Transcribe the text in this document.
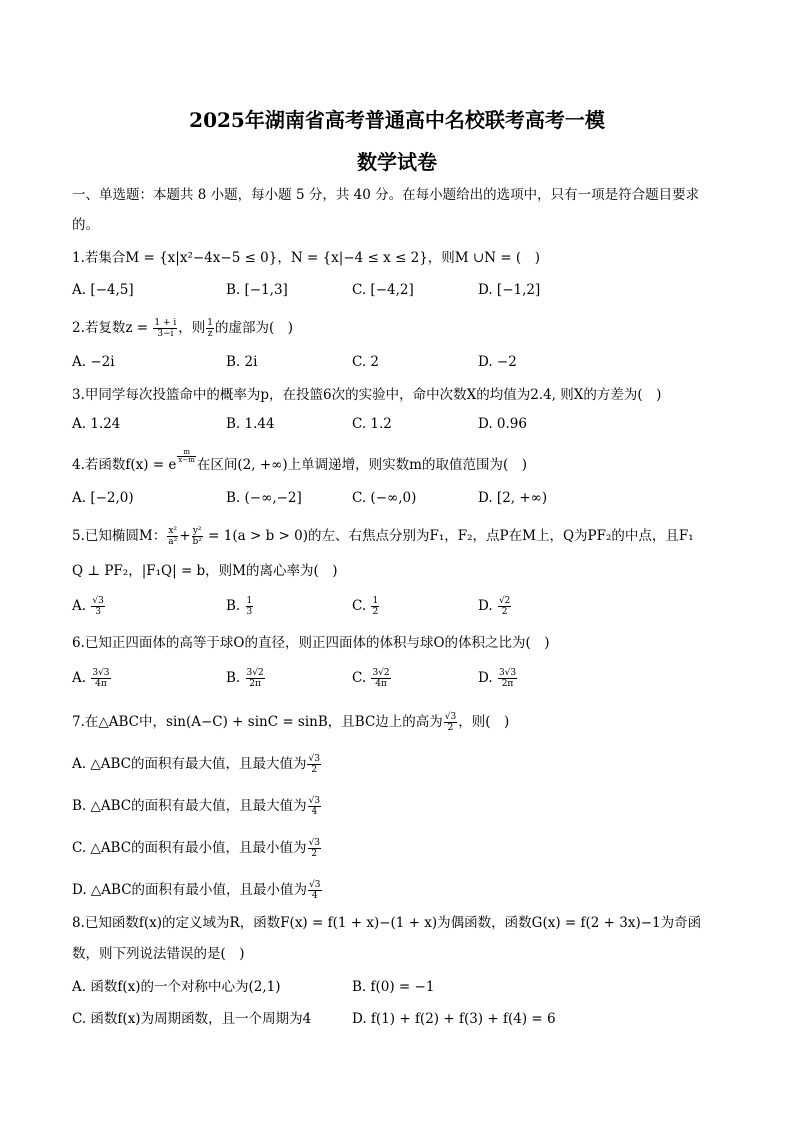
2025年湖南省高考普通高中名校联考高考一模
数学试卷
一、单选题：本题共 8 小题，每小题 5 分，共 40 分。在每小题给出的选项中，只有一项是符合题目要求
的。
1.若集合M = {x|x²−4x−5 ≤ 0}，N = {x|−4 ≤ x ≤ 2}，则M ∪N = (　)
A. [−4,5]	B. [−1,3]	C. [−4,2]	D. [−1,2]
2.若复数$z = \frac{1 + i}{3-i}$ ，则 $\frac{1}{z}$ 的虚部为(　)
A. −2i	B. 2i	C. 2	D. −2
3.甲同学每次投篮命中的概率为p，在投篮6次的实验中，命中次数X的均值为2.4, 则X的方差为(　)
A. 1.24	B. 1.44	C. 1.2	D. 0.96
4.若函数f(x) = e
$\frac{m}{x-m}$
在区间(2, +∞)上单调递增，则实数m的取值范围为(　)
A. [−2,0)	B. (−∞,−2]	C. (−∞,0)	D. [2, +∞)
5.已知椭圆M： $\frac{\text{x²}}{\text{a²}} + \frac{\text{y²}}{\text{b²}} = 1(a > b > 0)$的左、右焦点分别为F₁，F₂，点P在M上，Q为PF₂的中点，且F₁
Q ⊥ PF₂，|F₁Q| = b，则M的离心率为(　)
A. $\frac{√3}{3}$	B. $\frac{1}{3}$	C. $\frac{1}{2}$	D. $\frac{√2}{2}$
6.已知正四面体的高等于球O的直径，则正四面体的体积与球O的体积之比为(　)
A. $\frac{3√3}{4\pi}$	B. $\frac{3√2}{2\pi}$	C. $\frac{3√2}{4\pi}$	D. $\frac{3√3}{2\pi}$
7.在△ABC中，sin(A−C) + sinC = sinB，且BC边上的高为 $\frac{√3}{2}$ ，则(　)
A. △ABC的面积有最大值，且最大值为 $\frac{√3}{2}$
B. △ABC的面积有最大值，且最大值为 $\frac{√3}{4}$
C. △ABC的面积有最小值，且最小值为 $\frac{√3}{2}$
D. △ABC的面积有最小值，且最小值为 $\frac{√3}{4}$
8.已知函数f(x)的定义域为R，函数F(x) = f(1 + x)−(1 + x)为偶函数，函数G(x) = f(2 + 3x)−1为奇函
数，则下列说法错误的是(　)
A. 函数f(x)的一个对称中心为(2,1)	B. f(0) = −1
C. 函数f(x)为周期函数，且一个周期为4	D. f(1) + f(2) + f(3) + f(4) = 6
